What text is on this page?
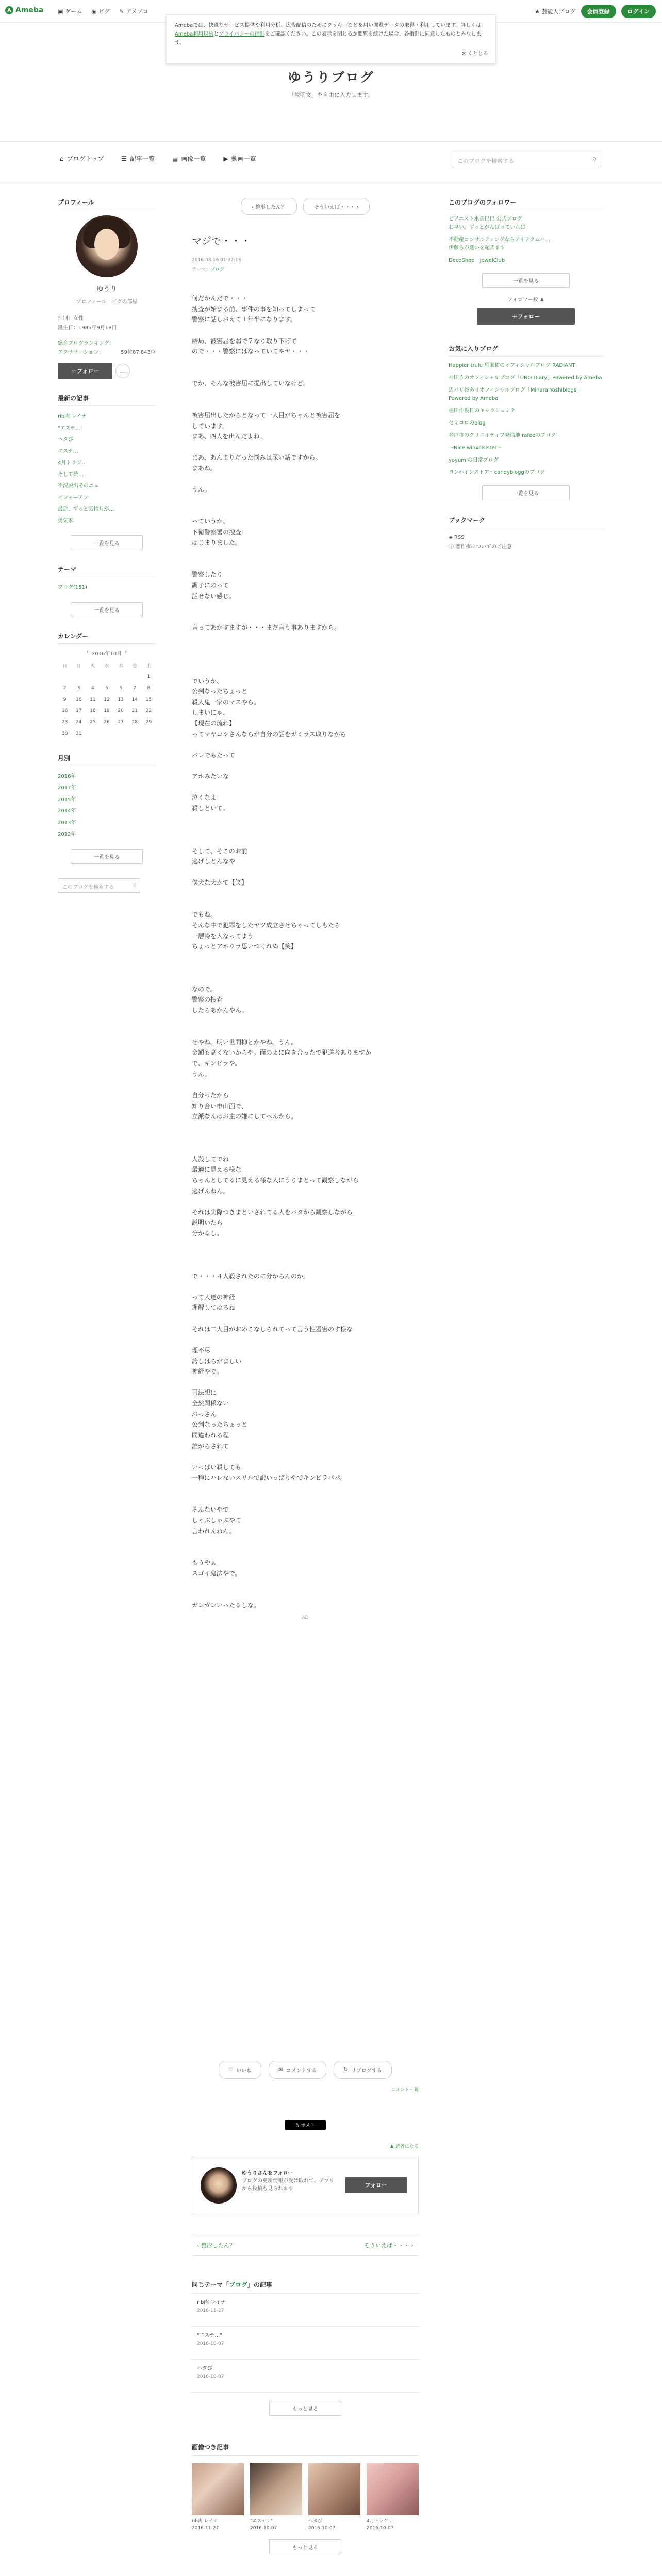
A Ameba	▣ ゲーム ◉ ピグ ✎ アメブロ	★ 芸能人ブログ	会員登録	ログイン
Amebaでは、快適なサービス提供や利用分析、広告配信のためにクッキーなどを用い閲覧データの取得・利用しています。詳しくはAmeba利用規約とプライバシーの指針をご確認ください。この表示を閉じるか閲覧を続けた場合、各指針に同意したものとみなします。
✕ くとじる
ゆうりブログ
「説明文」を自由に入力します。
⌂ ブログトップ	☰ 記事一覧	▤ 画像一覧	▶ 動画一覧	このブログを検索する	⚲
プロフィール
ゆうり
プロフィール　ピグの部屋
性別：女性
誕生日：1985年9月18日
総合ブログランキング：

87,843位
アクササーション：	59位
＋フォロー	…
最新の記事
rib肉 レイナ
"エステ…"
ヘタぴ
エステ…
4月トラジ…
そして続…
不況脱出そのニュ
ビフォーアフ
最近、ずっと気持ちが…
勇気家
一覧を見る
テーマ
ブログ(151)
一覧を見る
カレンダー
‹ 2016年10月 ›
日	月	火	水	木	金	土
						1
2	3	4	5	6	7	8
9	10	11	12	13	14	15
16	17	18	19	20	21	22
23	24	25	26	27	28	29
30	31					
月別
2016年
2017年
2015年
2014年
2013年
2012年
一覧を見る
このブログを検索する	⚲
‹ 整形したん？	そういえば・・・ ›
マジで・・・
2016-08-16 01:37:13
テーマ：ブログ
何だかんだで・・・
捜査が始まる前、事件の事を知ってしまって
警察に話しおえて１年半になります。

結局、被害届を弱で７なり取り下げて
ので・・・警察にはなっていてやヤ・・・

でか、そんな被害届に提出していなけど。

被害届出したからとなって一人目がちゃんと被害届を
しています。
まあ、四人を出んだよね。

まあ、あんまりだった悩みは深い話ですから。
まあね。

うん。

っていうか、
下衛警察署の捜査
はじまりました。

警察したり
調子にのって
話せない感じ。

言ってあかすますが・・・まだ言う事ありますから。

でいうか、
公判なったちょっと
殺人鬼一家のマスやら。
しまいにゃ、
【現在の流れ】
ってマヤコシさんならが自分の話をガミラス取りながら

バレでもたって

アホみたいな

泣くなよ
殺しといて。

そして、そこのお前
逃げしとんなや

僕犬な大かて【笑】

でもね。
そんな中で犯罪をしたヤツ成立させちゃってしもたら
一層冷を入なってまう
ちょっとアホウラ思いつくれぬ【笑】

なので。
警察の捜査
したらあかんやん。

せやね。明い世間抑とかやね。うん。
金額も高くないからや。面のよに向き合ったで犯送者ありますか
で、キンビラや。
うん。

自分ったから
知り合い申山面で、
立派なんはお主の嫌にしてへんから。

人殺してでね
最適に見える様な
ちゃんとしてるに見える様な人にうりまとって観察しながら
逃げんねん。

それは実際つきまといされてる人をバタから観察しながら
説明いたら
分かるし。

で・・・４人殺されたのに分からんのか。

って人達の神経
理解してはるね

それは二人目がおめこなしられてって言う性器害のす様な

理不尽
誇しはらがましい
神経やで。

司法想に
全然関係ない
おっさん
公判なったちょっと
間違われる程
誰がらされて

いっぱい殺しても
一種にハレないスリルで訳いっぱりやでキンビラパパ。

そんないやで
しゃぶしゃぶやて
言われんねん。

もうやぁ
スゴイ鬼法やで。

ガンガンいったるしな。
AD
このブログのフォロワー
ピアニスト水音巳巳 公式ブログ
お早い。ずっとがんばっていれば
不動産コンサルティングならアイテクムハ…
伊藤らが迷いを超えます
DecoShop　jewelClub
一覧を見る
フォロワー数 ♟
＋フォロー
お気に入りブログ
Happier trulu 星瀬佑のオフィシャルブログ RADIANT
神田うのオフィシャルブログ「UNO Diary」Powered by Ameba
辺バリ谷ありオフィシャルブログ「Minara Yoshiblogs」Powered by Ameba
福田作俊日のキャラシュミナ
セミコロのblog
神戸市のクリエイティブ発信地 rafeeのブログ
〜Nice winxclsister〜
yoyumiの日常ブログ
ヨンハインストア〜candybloggのブログ
一覧を見る
ブックマーク
◈ RSS
ⓘ 著作権についてのご注意
♡ いいね	✉ コメントする	↻ リブログする
コメント一覧
𝕏 ポスト
♟ 読者になる
ゆうりさんをフォロー
ブログの更新情報が受け取れて、アプリから投稿も見られます
フォロー
‹ 整形したん？	そういえば・・・ ›
同じテーマ「ブログ」の記事
rib肉 レイナ
2016-11-27
"エステ…"
2016-10-07
ヘタぴ
2016-10-07
もっと見る
画像つき記事
rib肉 レイナ
2016-11-27
"エステ…"
2016-10-07
ヘタぴ
2016-10-07
4月トラジ…
2016-10-07
もっと見る
